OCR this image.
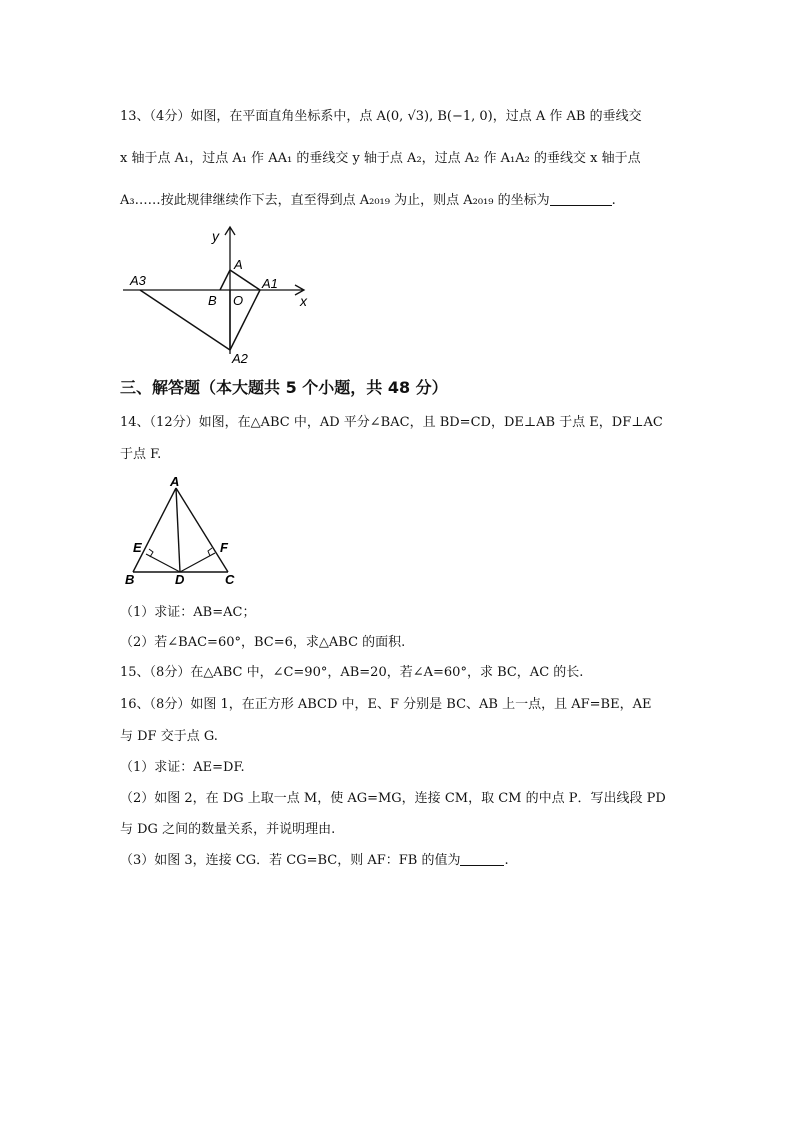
13、（4分）如图，在平面直角坐标系中，点 A(0, √3), B(−1, 0)，过点 A 作 AB 的垂线交
x 轴于点 A₁，过点 A₁ 作 AA₁ 的垂线交 y 轴于点 A₂，过点 A₂ 作 A₁A₂ 的垂线交 x 轴于点
A₃……按此规律继续作下去，直至得到点 A₂₀₁₉ 为止，则点 A₂₀₁₉ 的坐标为	.
y
x
A
A1
A2
A3
B O
三、解答题（本大题共 5 个小题，共 48 分）
14、（12分）如图，在△ABC 中，AD 平分∠BAC，且 BD=CD，DE⊥AB 于点 E，DF⊥AC
于点 F.
A
B	C
D
E	F
（1）求证：AB=AC；
（2）若∠BAC=60°，BC=6，求△ABC 的面积.
15、（8分）在△ABC 中，∠C=90°，AB=20，若∠A=60°，求 BC，AC 的长.
16、（8分）如图 1，在正方形 ABCD 中，E、F 分别是 BC、AB 上一点，且 AF=BE，AE
与 DF 交于点 G.
（1）求证：AE=DF.
（2）如图 2，在 DG 上取一点 M，使 AG=MG，连接 CM，取 CM 的中点 P．写出线段 PD
与 DG 之间的数量关系，并说明理由.
（3）如图 3，连接 CG．若 CG=BC，则 AF：FB 的值为	.
